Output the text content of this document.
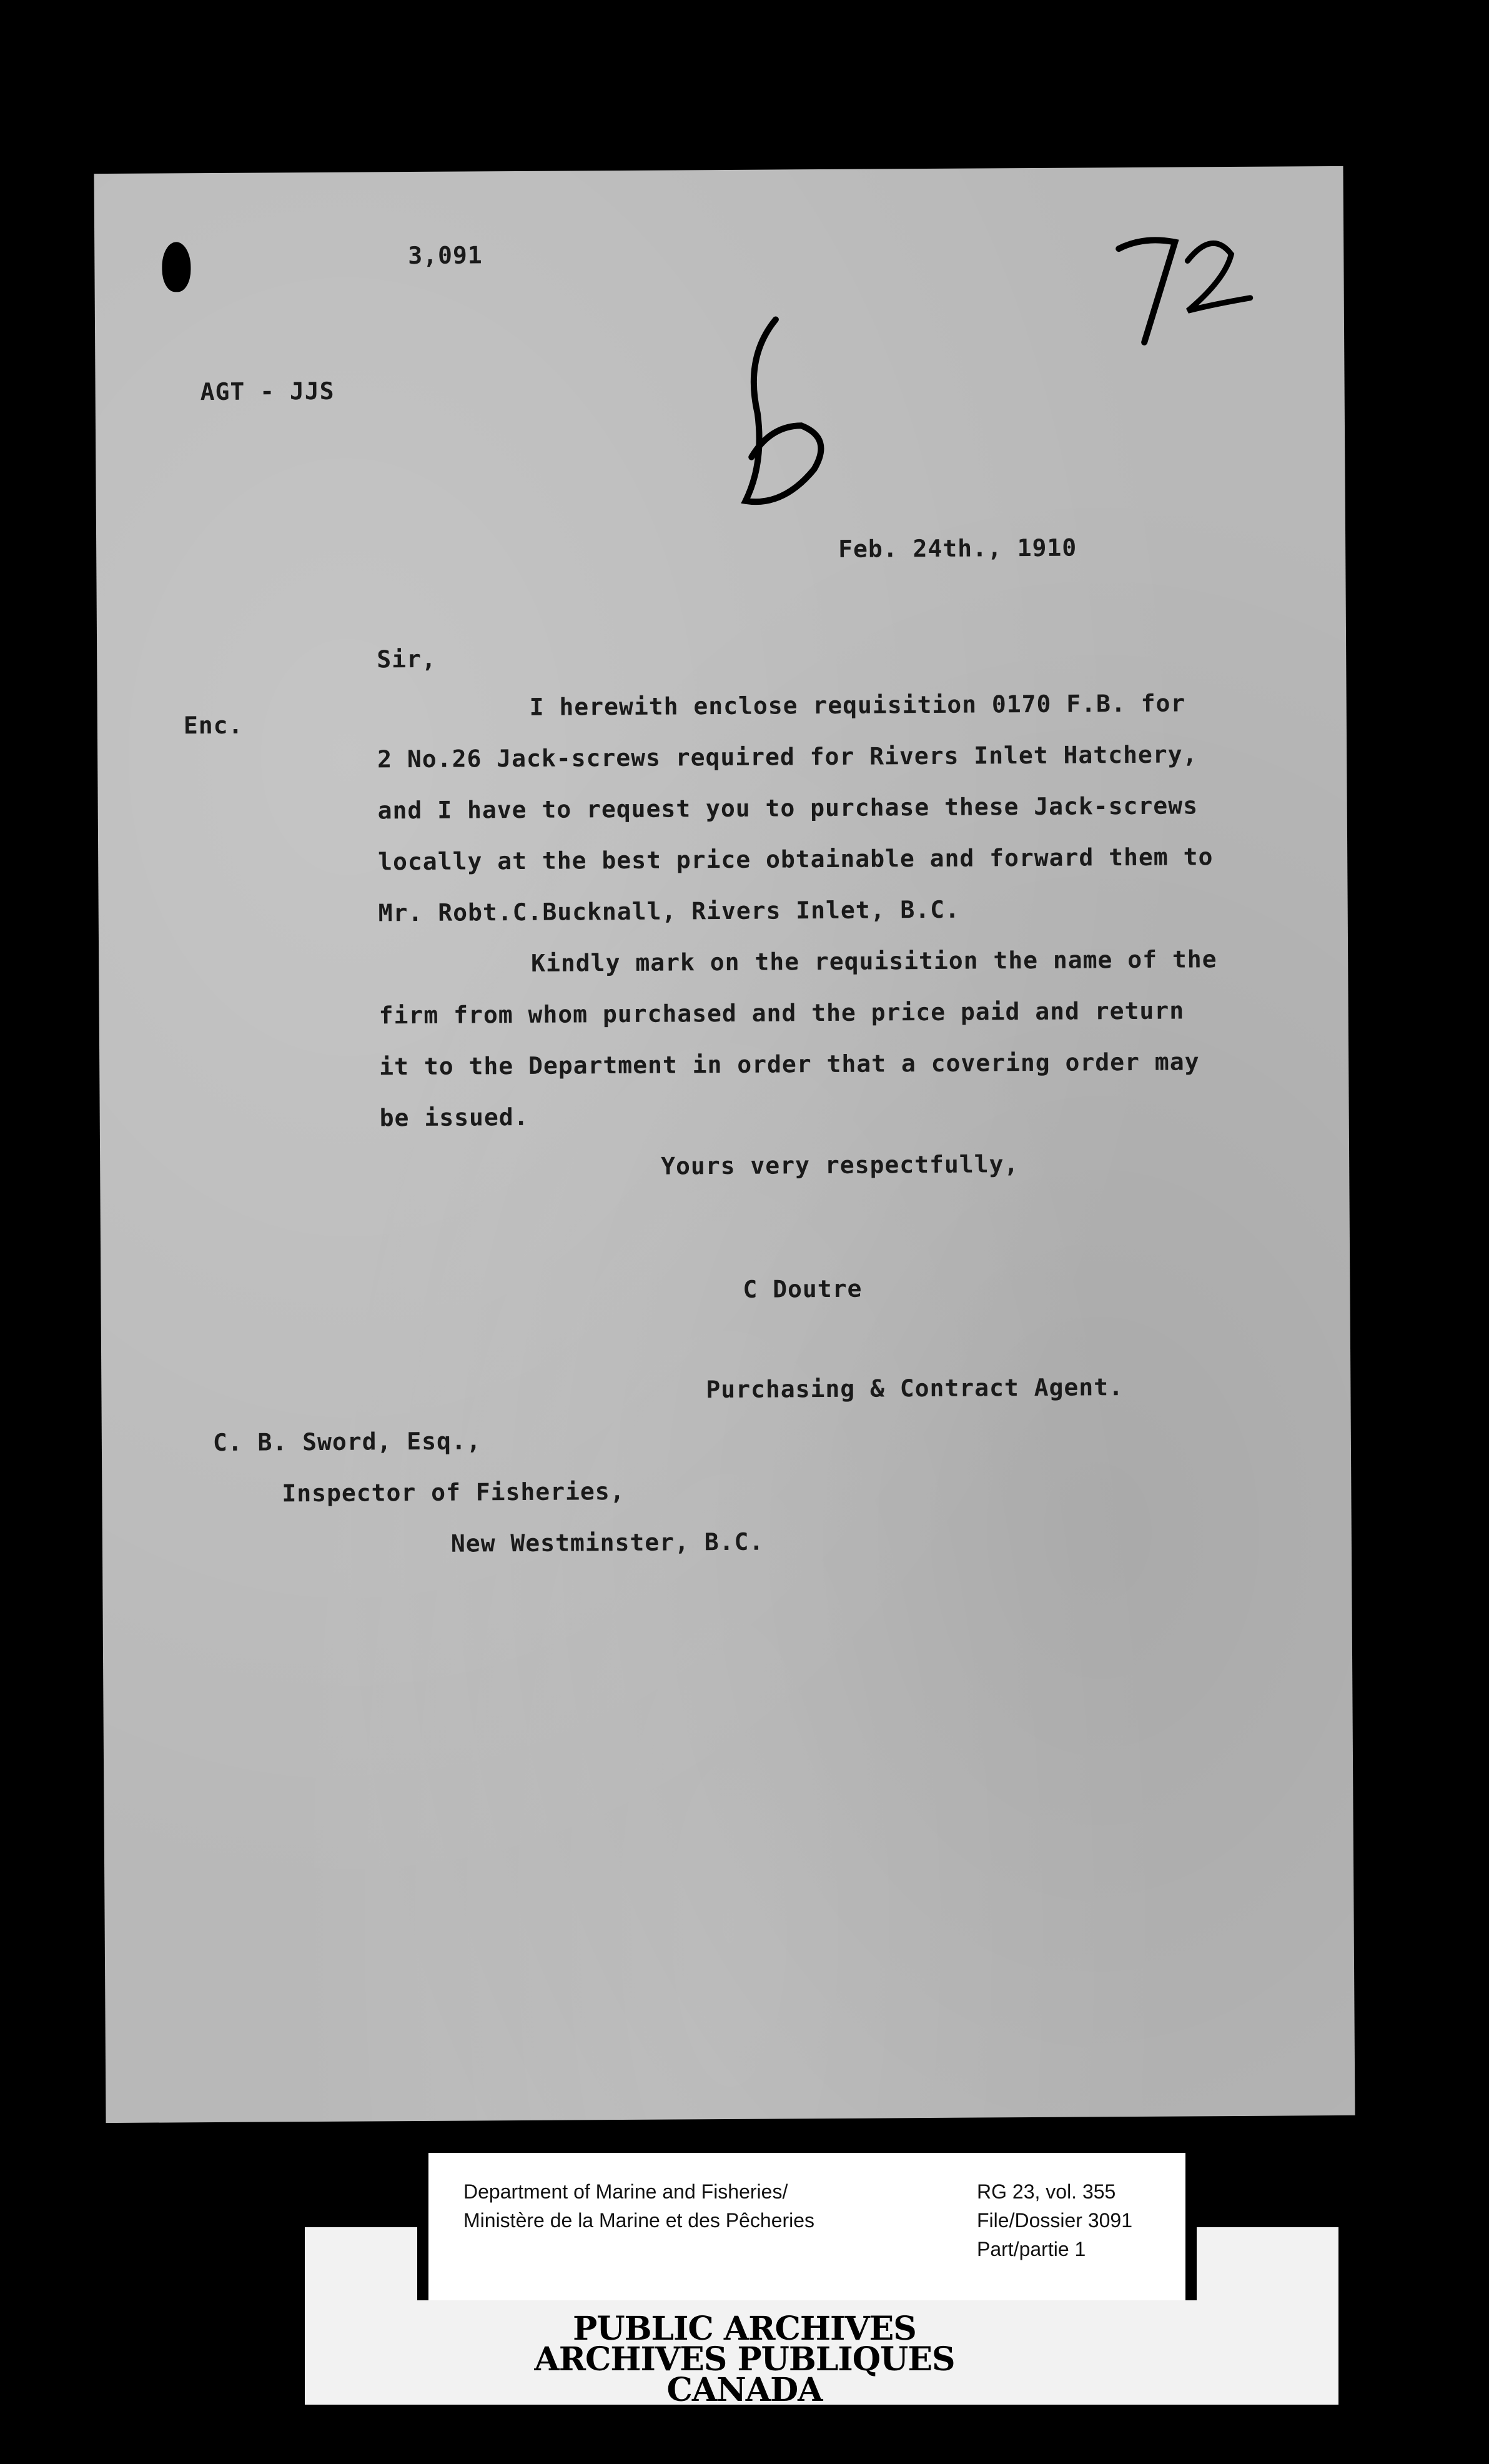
3,091
AGT - JJS
Feb. 24th., 1910
Sir,
Enc.
I herewith enclose requisition 0170 F.B. for
2 No.26 Jack-screws required for Rivers Inlet Hatchery,
and I have to request you to purchase these Jack-screws
locally at the best price obtainable and forward them to
Mr. Robt.C.Bucknall, Rivers Inlet, B.C.
Kindly mark on the requisition the name of the
firm from whom purchased and the price paid and return
it to the Department in order that a covering order may
be issued.
Yours very respectfully,
C Doutre
Purchasing & Contract Agent.
C. B. Sword, Esq.,
Inspector of Fisheries,
New Westminster, B.C.
Department of Marine and Fisheries/
Ministère de la Marine et des Pêcheries
RG 23, vol. 355
File/Dossier 3091
Part/partie 1
PUBLIC ARCHIVES
ARCHIVES PUBLIQUES
CANADA
